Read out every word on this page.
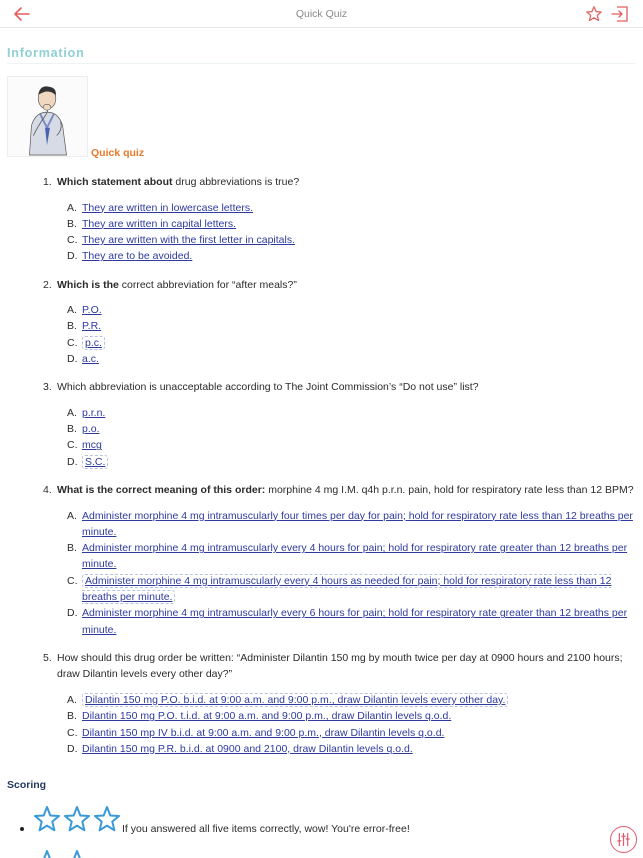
Quick Quiz
Information
Quick quiz
1. Which statement about drug abbreviations is true?
A. They are written in lowercase letters.
B. They are written in capital letters.
C. They are written with the first letter in capitals.
D. They are to be avoided.
2. Which is the correct abbreviation for “after meals?”
A. P.O.
B. P.R.
C. p.c.
D. a.c.
3. Which abbreviation is unacceptable according to The Joint Commission’s “Do not use” list?
A. p.r.n.
B. p.o.
C. mcg
D. S.C.
4. What is the correct meaning of this order: morphine 4 mg I.M. q4h p.r.n. pain, hold for respiratory rate less than 12 BPM?
A. Administer morphine 4 mg intramuscularly four times per day for pain; hold for respiratory rate less than 12 breaths per minute.
B. Administer morphine 4 mg intramuscularly every 4 hours for pain; hold for respiratory rate greater than 12 breaths per minute.
C. Administer morphine 4 mg intramuscularly every 4 hours as needed for pain; hold for respiratory rate less than 12 breaths per minute.
D. Administer morphine 4 mg intramuscularly every 6 hours for pain; hold for respiratory rate greater than 12 breaths per minute.
5. How should this drug order be written: “Administer Dilantin 150 mg by mouth twice per day at 0900 hours and 2100 hours; draw Dilantin levels every other day?”
A. Dilantin 150 mg P.O. b.i.d. at 9:00 a.m. and 9:00 p.m., draw Dilantin levels every other day.
B. Dilantin 150 mg P.O. t.i.d. at 9:00 a.m. and 9:00 p.m., draw Dilantin levels q.o.d.
C. Dilantin 150 mp IV b.i.d. at 9:00 a.m. and 9:00 p.m., draw Dilantin levels q.o.d.
D. Dilantin 150 mg P.R. b.i.d. at 0900 and 2100, draw Dilantin levels q.o.d.
Scoring
If you answered all five items correctly, wow! You're error-free!
